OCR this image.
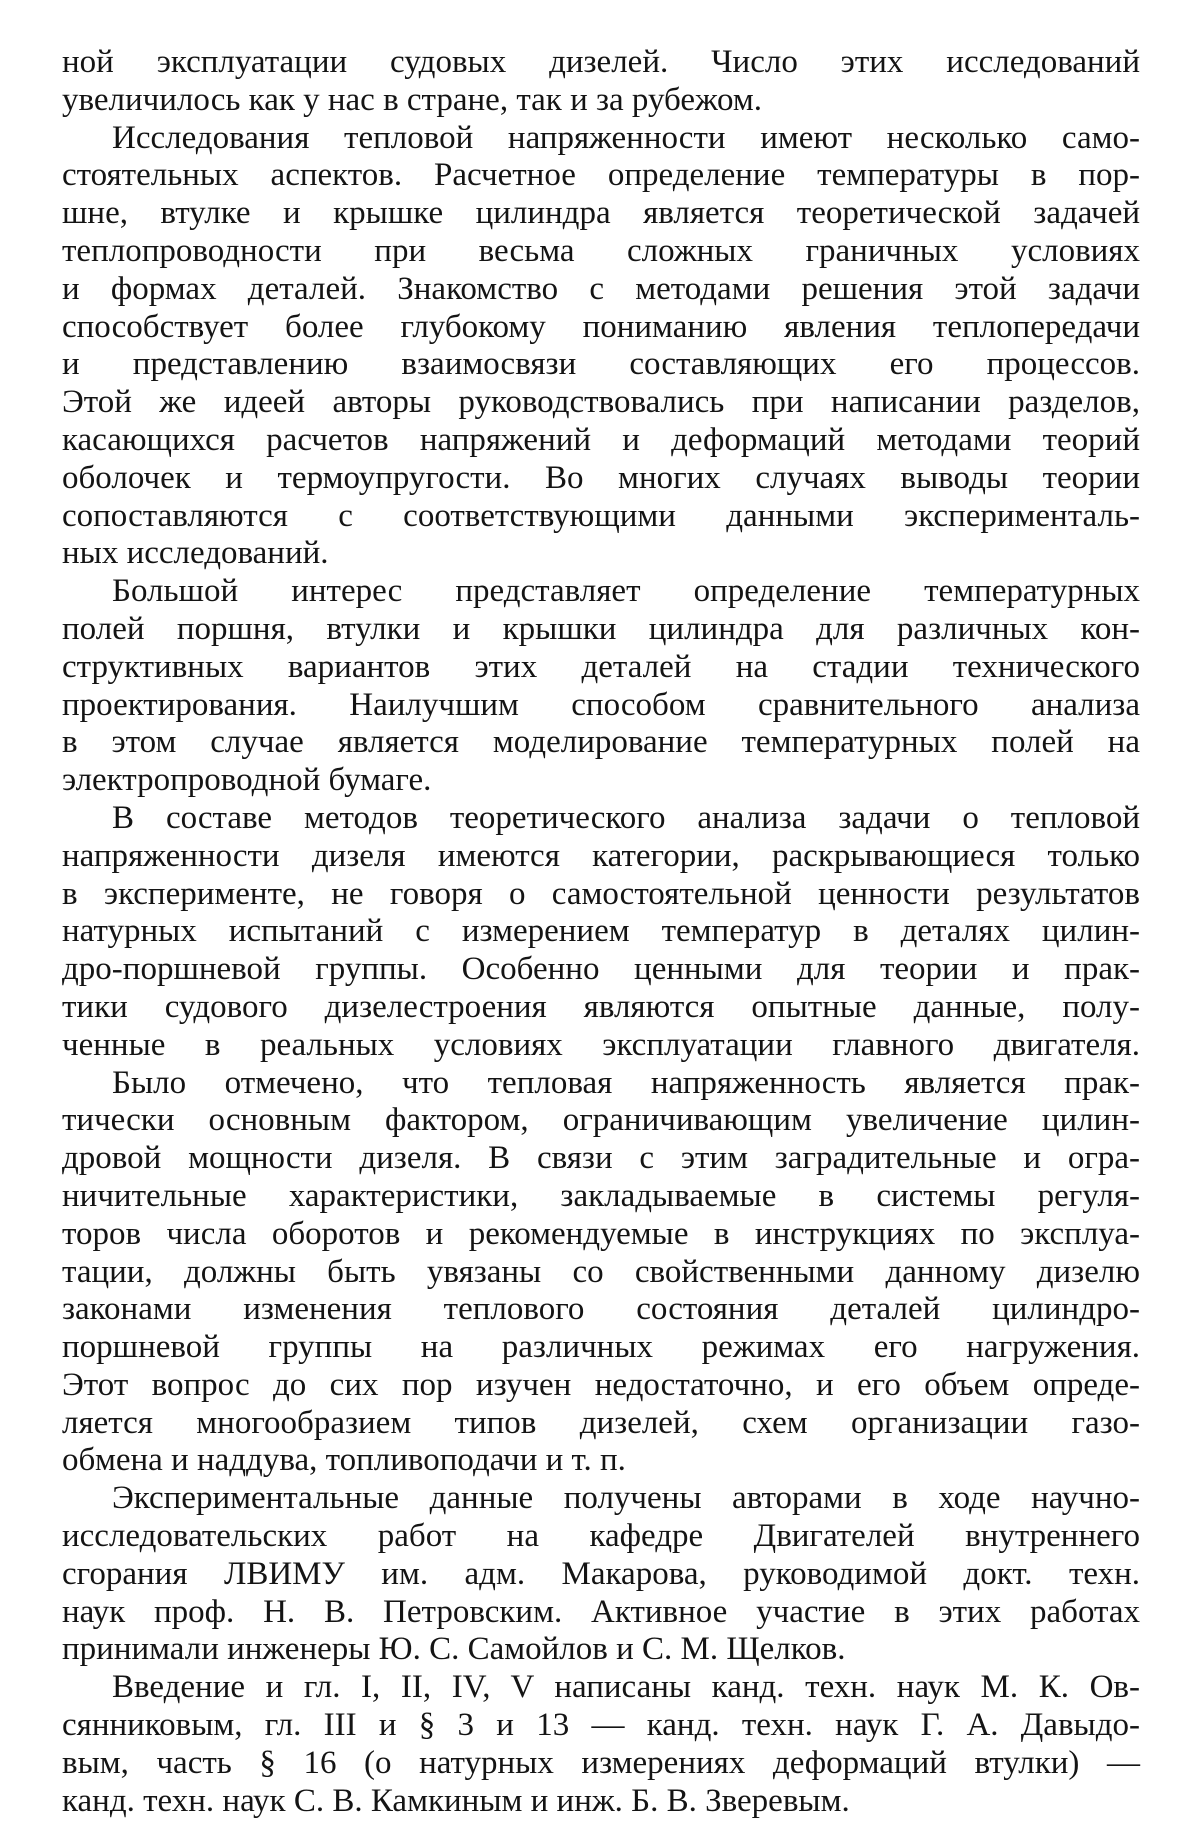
ной эксплуатации судовых дизелей. Число этих исследований
увеличилось как у нас в стране, так и за рубежом.
Исследования тепловой напряженности имеют несколько само-
стоятельных аспектов. Расчетное определение температуры в пор-
шне, втулке и крышке цилиндра является теоретической задачей
теплопроводности при весьма сложных граничных условиях
и формах деталей. Знакомство с методами решения этой задачи
способствует более глубокому пониманию явления теплопередачи
и представлению взаимосвязи составляющих его процессов.
Этой же идеей авторы руководствовались при написании разделов,
касающихся расчетов напряжений и деформаций методами теорий
оболочек и термоупругости. Во многих случаях выводы теории
сопоставляются с соответствующими данными эксперименталь-
ных исследований.
Большой интерес представляет определение температурных
полей поршня, втулки и крышки цилиндра для различных кон-
структивных вариантов этих деталей на стадии технического
проектирования. Наилучшим способом сравнительного анализа
в этом случае является моделирование температурных полей на
электропроводной бумаге.
В составе методов теоретического анализа задачи о тепловой
напряженности дизеля имеются категории, раскрывающиеся только
в эксперименте, не говоря о самостоятельной ценности результатов
натурных испытаний с измерением температур в деталях цилин-
дро-поршневой группы. Особенно ценными для теории и прак-
тики судового дизелестроения являются опытные данные, полу-
ченные в реальных условиях эксплуатации главного двигателя.
Было отмечено, что тепловая напряженность является прак-
тически основным фактором, ограничивающим увеличение цилин-
дровой мощности дизеля. В связи с этим заградительные и огра-
ничительные характеристики, закладываемые в системы регуля-
торов числа оборотов и рекомендуемые в инструкциях по эксплуа-
тации, должны быть увязаны со свойственными данному дизелю
законами изменения теплового состояния деталей цилиндро-
поршневой группы на различных режимах его нагружения.
Этот вопрос до сих пор изучен недостаточно, и его объем опреде-
ляется многообразием типов дизелей, схем организации газо-
обмена и наддува, топливоподачи и т. п.
Экспериментальные данные получены авторами в ходе научно-
исследовательских работ на кафедре Двигателей внутреннего
сгорания ЛВИМУ им. адм. Макарова, руководимой докт. техн.
наук проф. Н. В. Петровским. Активное участие в этих работах
принимали инженеры Ю. С. Самойлов и С. М. Щелков.
Введение и гл. I, II, IV, V написаны канд. техн. наук М. К. Ов-
сянниковым, гл. III и § 3 и 13 — канд. техн. наук Г. А. Давыдо-
вым, часть § 16 (о натурных измерениях деформаций втулки) —
канд. техн. наук С. В. Камкиным и инж. Б. В. Зверевым.
